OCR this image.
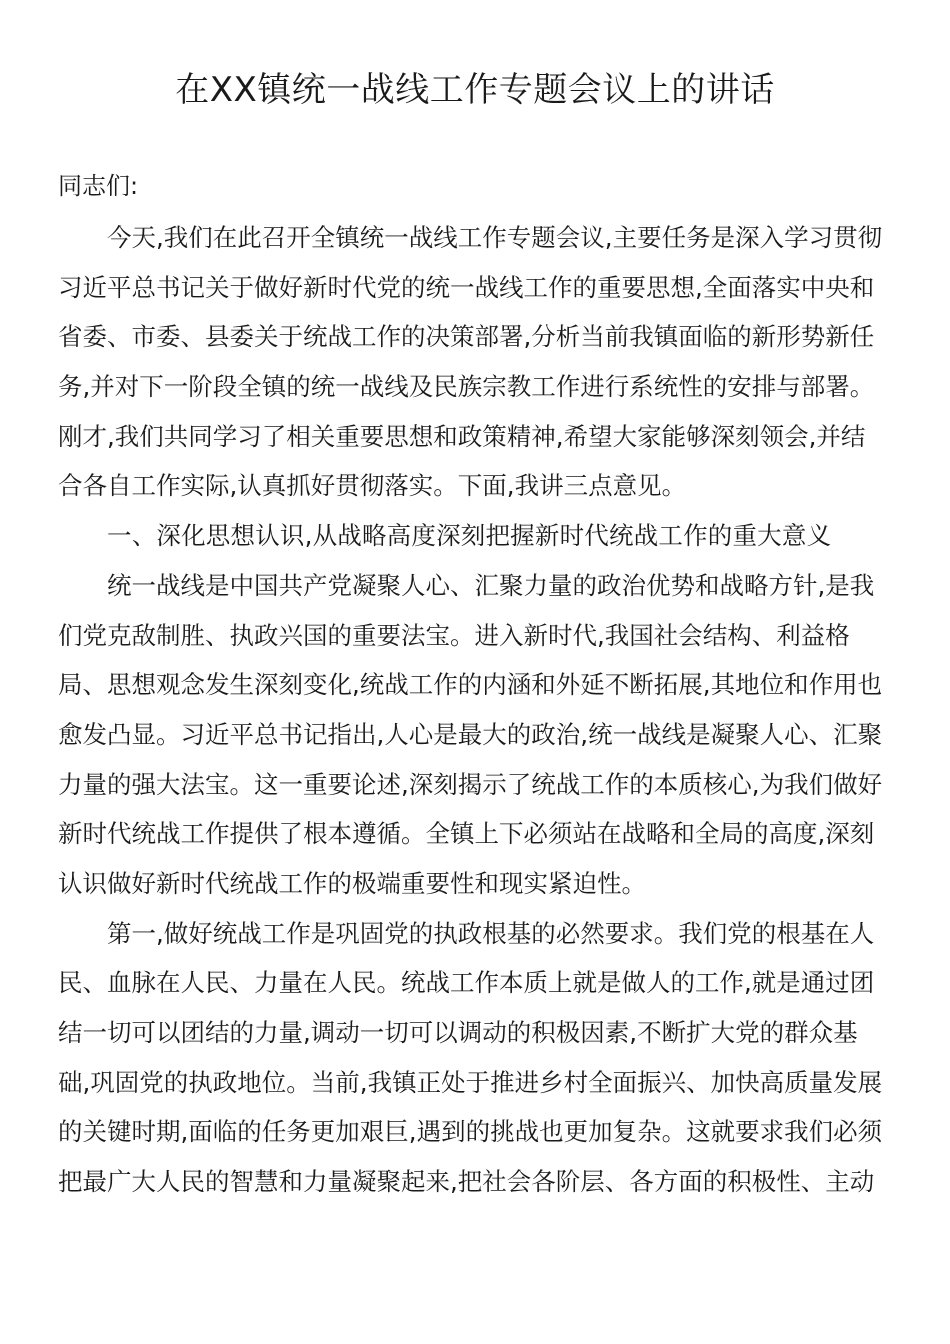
在XX镇统一战线工作专题会议上的讲话
同志们:
今天,我们在此召开全镇统一战线工作专题会议,主要任务是深入学习贯彻
习近平总书记关于做好新时代党的统一战线工作的重要思想,全面落实中央和
省委、市委、县委关于统战工作的决策部署,分析当前我镇面临的新形势新任
务,并对下一阶段全镇的统一战线及民族宗教工作进行系统性的安排与部署。
刚才,我们共同学习了相关重要思想和政策精神,希望大家能够深刻领会,并结
合各自工作实际,认真抓好贯彻落实。下面,我讲三点意见。
一、深化思想认识,从战略高度深刻把握新时代统战工作的重大意义
统一战线是中国共产党凝聚人心、汇聚力量的政治优势和战略方针,是我
们党克敌制胜、执政兴国的重要法宝。进入新时代,我国社会结构、利益格
局、思想观念发生深刻变化,统战工作的内涵和外延不断拓展,其地位和作用也
愈发凸显。习近平总书记指出,人心是最大的政治,统一战线是凝聚人心、汇聚
力量的强大法宝。这一重要论述,深刻揭示了统战工作的本质核心,为我们做好
新时代统战工作提供了根本遵循。全镇上下必须站在战略和全局的高度,深刻
认识做好新时代统战工作的极端重要性和现实紧迫性。
第一,做好统战工作是巩固党的执政根基的必然要求。我们党的根基在人
民、血脉在人民、力量在人民。统战工作本质上就是做人的工作,就是通过团
结一切可以团结的力量,调动一切可以调动的积极因素,不断扩大党的群众基
础,巩固党的执政地位。当前,我镇正处于推进乡村全面振兴、加快高质量发展
的关键时期,面临的任务更加艰巨,遇到的挑战也更加复杂。这就要求我们必须
把最广大人民的智慧和力量凝聚起来,把社会各阶层、各方面的积极性、主动
